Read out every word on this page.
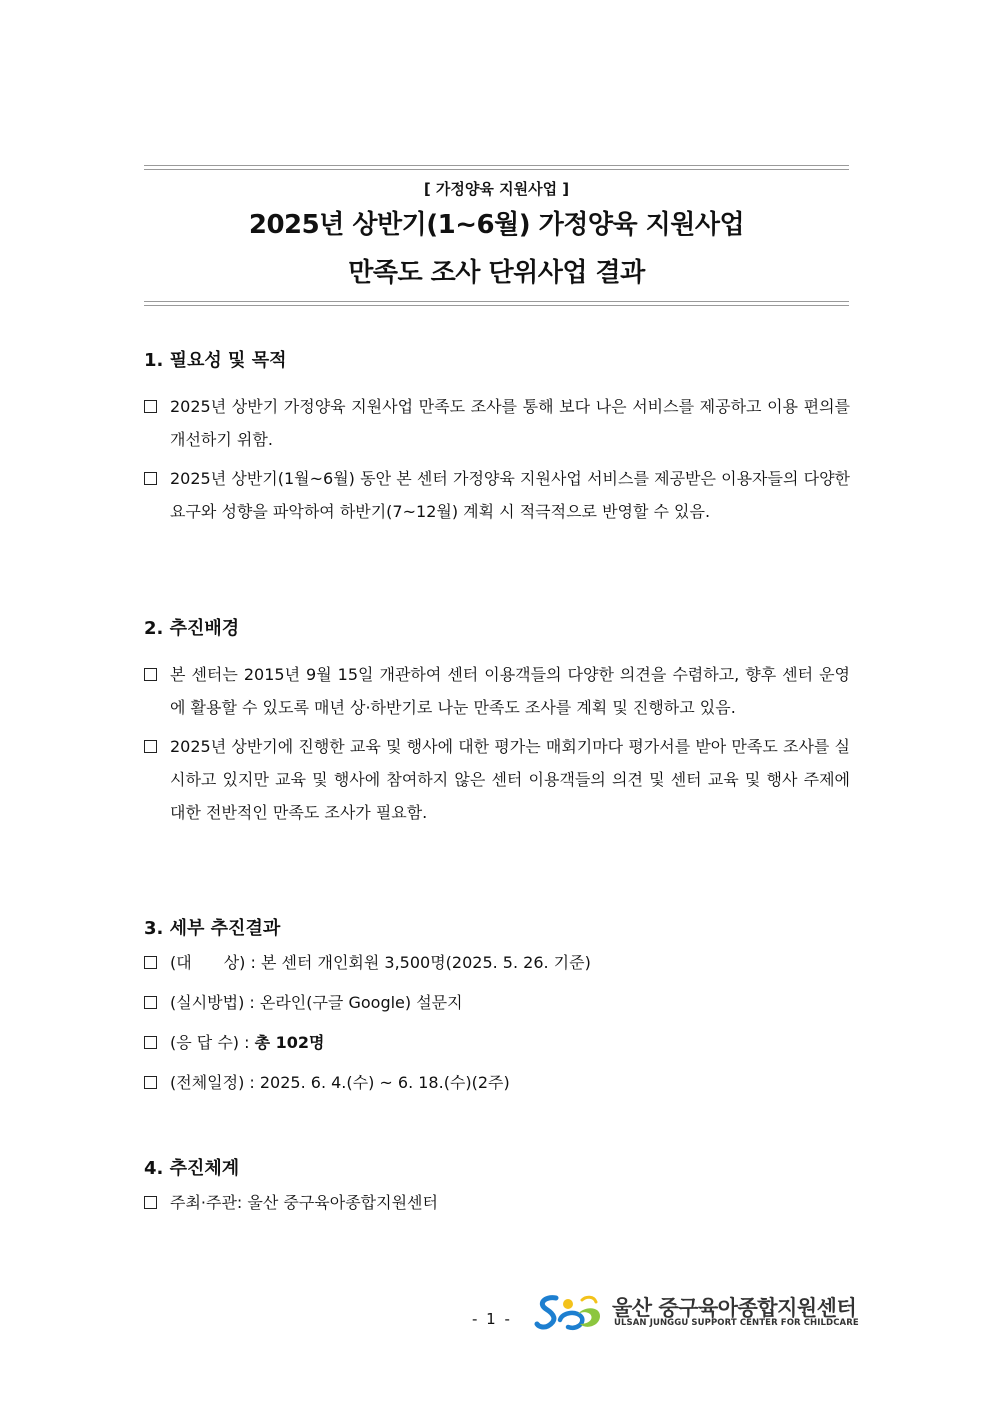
[ 가정양육 지원사업 ]
2025년 상반기(1~6월) 가정양육 지원사업
만족도 조사 단위사업 결과
1. 필요성 및 목적
2025년 상반기 가정양육 지원사업 만족도 조사를 통해 보다 나은 서비스를 제공하고 이용 편의를 개선하기 위함.
2025년 상반기(1월~6월) 동안 본 센터 가정양육 지원사업 서비스를 제공받은 이용자들의 다양한 요구와 성향을 파악하여 하반기(7~12월) 계획 시 적극적으로 반영할 수 있음.
2. 추진배경
본 센터는 2015년 9월 15일 개관하여 센터 이용객들의 다양한 의견을 수렴하고, 향후 센터 운영에 활용할 수 있도록 매년 상·하반기로 나눈 만족도 조사를 계획 및 진행하고 있음.
2025년 상반기에 진행한 교육 및 행사에 대한 평가는 매회기마다 평가서를 받아 만족도 조사를 실시하고 있지만 교육 및 행사에 참여하지 않은 센터 이용객들의 의견 및 센터 교육 및 행사 주제에 대한 전반적인 만족도 조사가 필요함.
3. 세부 추진결과
(대　　상) : 본 센터 개인회원 3,500명(2025. 5. 26. 기준)
(실시방법) : 온라인(구글 Google) 설문지
(응 답 수) : 총 102명
(전체일정) : 2025. 6. 4.(수) ~ 6. 18.(수)(2주)
4. 추진체계
주최·주관: 울산 중구육아종합지원센터
- 1 -	울산 중구육아종합지원센터
ULSAN JUNGGU SUPPORT CENTER FOR CHILDCARE
